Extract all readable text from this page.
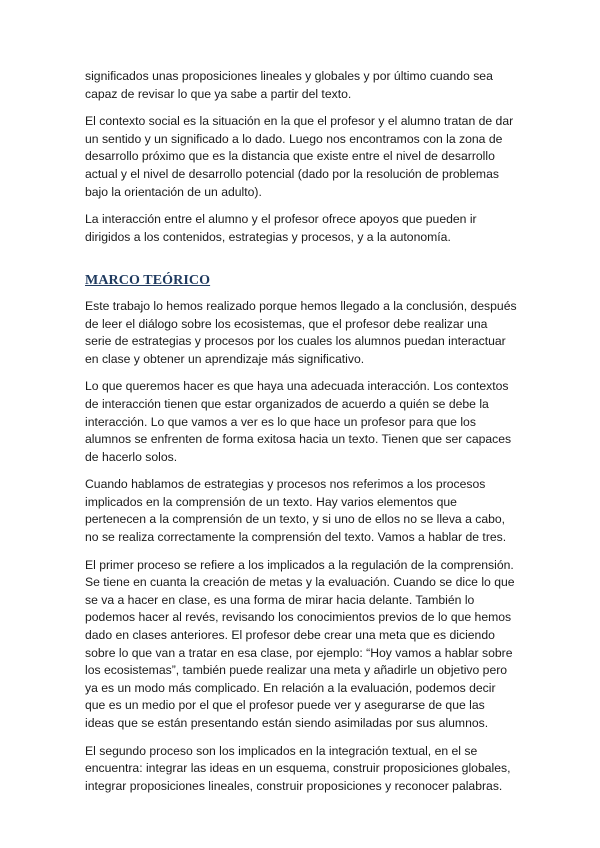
significados unas proposiciones lineales y globales y por último cuando sea capaz de revisar lo que ya sabe a partir del texto.

El contexto social es la situación en la que el profesor y el alumno tratan de dar un sentido y un significado a lo dado. Luego nos encontramos con la zona de desarrollo próximo que es la distancia que existe entre el nivel de desarrollo actual y el nivel de desarrollo potencial (dado por la resolución de problemas bajo la orientación de un adulto).

La interacción entre el alumno y el profesor ofrece apoyos que pueden ir dirigidos a los contenidos, estrategias y procesos, y a la autonomía.

MARCO TEÓRICO

Este trabajo lo hemos realizado porque hemos llegado a la conclusión, después de leer el diálogo sobre los ecosistemas, que el profesor debe realizar una serie de estrategias y procesos por los cuales los alumnos puedan interactuar en clase y obtener un aprendizaje más significativo.

Lo que queremos hacer es que haya una adecuada interacción. Los contextos de interacción tienen que estar organizados de acuerdo a quién se debe la interacción. Lo que vamos a ver es lo que hace un profesor para que los alumnos se enfrenten de forma exitosa hacia un texto. Tienen que ser capaces de hacerlo solos.

Cuando hablamos de estrategias y procesos nos referimos a los procesos implicados en la comprensión de un texto. Hay varios elementos que pertenecen a la comprensión de un texto, y si uno de ellos no se lleva a cabo, no se realiza correctamente la comprensión del texto. Vamos a hablar de tres.

El primer proceso se refiere a los implicados a la regulación de la comprensión. Se tiene en cuanta la creación de metas y la evaluación. Cuando se dice lo que se va a hacer en clase, es una forma de mirar hacia delante. También lo podemos hacer al revés, revisando los conocimientos previos de lo que hemos dado en clases anteriores. El profesor debe crear una meta que es diciendo sobre lo que van a tratar en esa clase, por ejemplo: “Hoy vamos a hablar sobre los ecosistemas”, también puede realizar una meta y añadirle un objetivo pero ya es un modo más complicado. En relación a la evaluación, podemos decir que es un medio por el que el profesor puede ver y asegurarse de que las ideas que se están presentando están siendo asimiladas por sus alumnos.

El segundo proceso son los implicados en la integración textual, en el se encuentra: integrar las ideas en un esquema, construir proposiciones globales, integrar proposiciones lineales, construir proposiciones y reconocer palabras.
